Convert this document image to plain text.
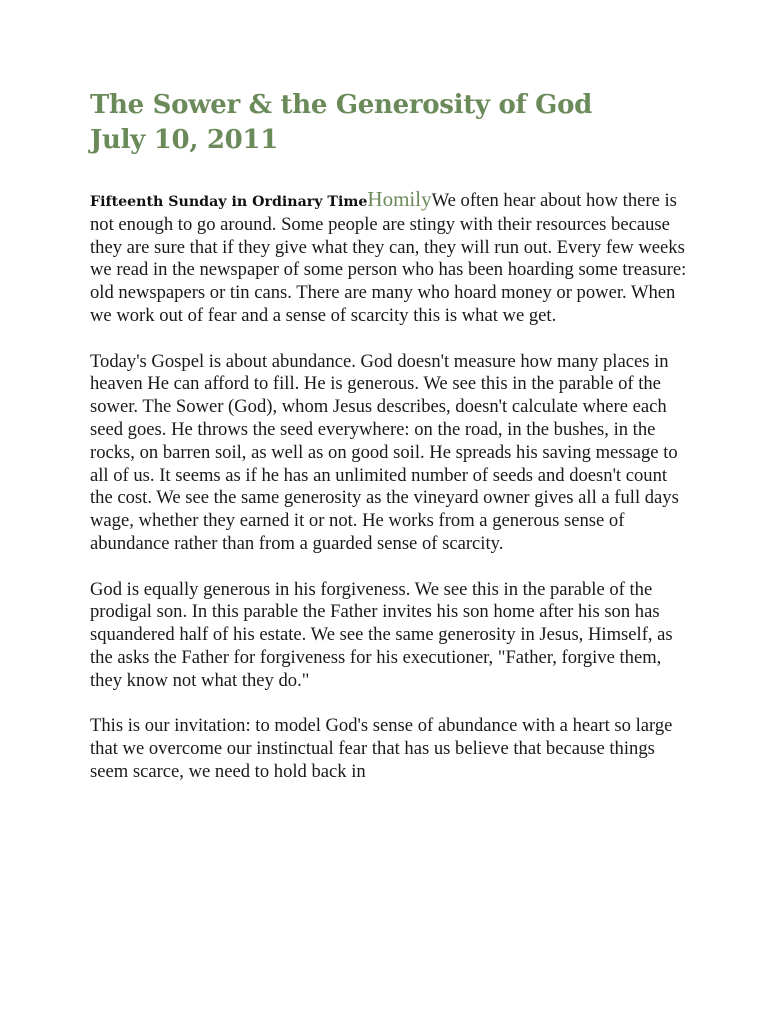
The Sower & the Generosity of God
July 10, 2011

Fifteenth Sunday in Ordinary TimeHomilyWe often hear about how there is not enough to go around. Some people are stingy with their resources because they are sure that if they give what they can, they will run out. Every few weeks we read in the newspaper of some person who has been hoarding some treasure: old newspapers or tin cans. There are many who hoard money or power. When we work out of fear and a sense of scarcity this is what we get.

Today's Gospel is about abundance. God doesn't measure how many places in heaven He can afford to fill. He is generous. We see this in the parable of the sower. The Sower (God), whom Jesus describes, doesn't calculate where each seed goes. He throws the seed everywhere: on the road, in the bushes, in the rocks, on barren soil, as well as on good soil. He spreads his saving message to all of us. It seems as if he has an unlimited number of seeds and doesn't count the cost. We see the same generosity as the vineyard owner gives all a full days wage, whether they earned it or not. He works from a generous sense of abundance rather than from a guarded sense of scarcity.

God is equally generous in his forgiveness. We see this in the parable of the prodigal son. In this parable the Father invites his son home after his son has squandered half of his estate. We see the same generosity in Jesus, Himself, as the asks the Father for forgiveness for his executioner, "Father, forgive them, they know not what they do."

This is our invitation: to model God's sense of abundance with a heart so large that we overcome our instinctual fear that has us believe that because things seem scarce, we need to hold back in
